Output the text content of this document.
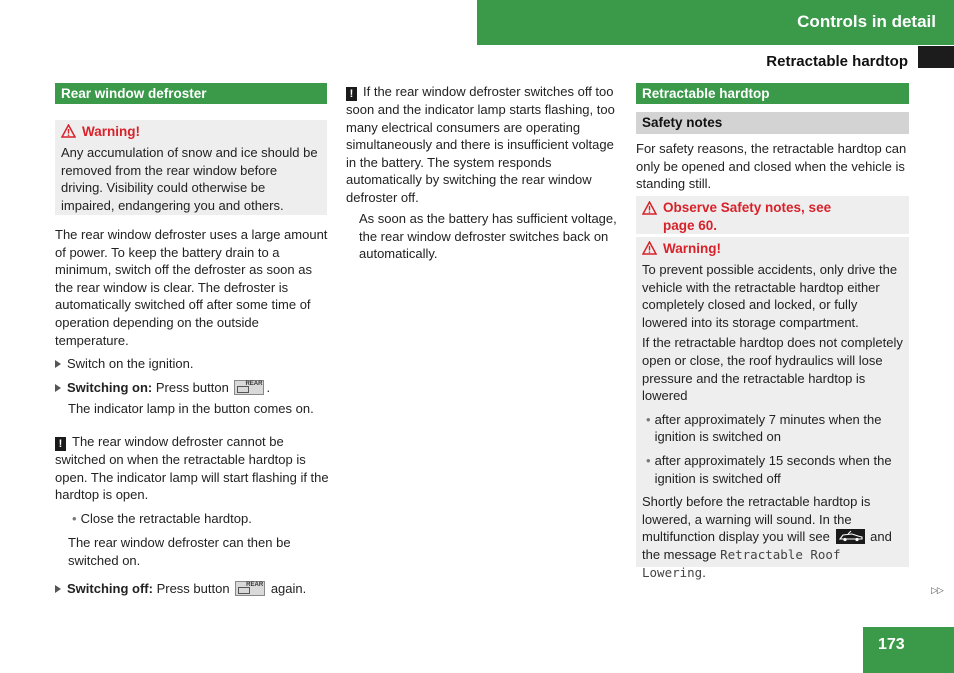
Controls in detail
Retractable hardtop
Rear window defroster
Warning!
Any accumulation of snow and ice should be removed from the rear window before driving. Visibility could otherwise be impaired, endangering you and others.
The rear window defroster uses a large amount of power. To keep the battery drain to a minimum, switch off the defroster as soon as the rear window is clear. The defroster is automatically switched off after some time of operation depending on the outside temperature.
Switch on the ignition.
Switching on: Press button	REAR .
The indicator lamp in the button comes on.
! The rear window defroster cannot be switched on when the retractable hardtop is open. The indicator lamp will start flashing if the hardtop is open.
• Close the retractable hardtop.
The rear window defroster can then be switched on.
Switching off: Press button	REAR again.
! If the rear window defroster switches off too soon and the indicator lamp starts flashing, too many electrical consumers are operating simultaneously and there is insufficient voltage in the battery. The system responds automatically by switching the rear window defroster off.
As soon as the battery has sufficient voltage, the rear window defroster switches back on automatically.
Retractable hardtop
Safety notes
For safety reasons, the retractable hardtop can only be opened and closed when the vehicle is standing still.
Observe Safety notes, see page 60.
Warning!
To prevent possible accidents, only drive the vehicle with the retractable hardtop either completely closed and locked, or fully lowered into its storage compartment.
If the retractable hardtop does not completely open or close, the roof hydraulics will lose pressure and the retractable hardtop is lowered
• after approximately 7 minutes when the ignition is switched on
• after approximately 15 seconds when the ignition is switched off
Shortly before the retractable hardtop is lowered, a warning will sound. In the multifunction display you will see	and the message Retractable Roof Lowering.
▷▷
173
